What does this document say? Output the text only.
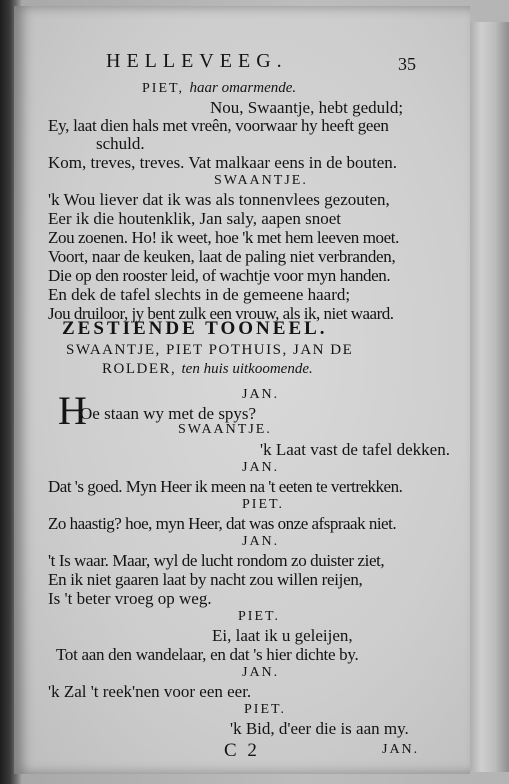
HELLEVEEG.	35
PIET, haar omarmende.
Nou, Swaantje, hebt geduld;
Ey, laat dien hals met vreên, voorwaar hy heeft geen
schuld.
Kom, treves, treves. Vat malkaar eens in de bouten.
SWAANTJE.
'k Wou liever dat ik was als tonnenvlees gezouten,
Eer ik die houtenklik, Jan saly, aapen snoet
Zou zoenen. Ho! ik weet, hoe 'k met hem leeven moet.
Voort, naar de keuken, laat de paling niet verbranden,
Die op den rooster leid, of wachtje voor myn handen.
En dek de tafel slechts in de gemeene haard;
Jou druiloor, jy bent zulk een vrouw, als ik, niet waard.
ZESTIENDE TOONEEL.
SWAANTJE, PIET POTHUIS, JAN DE
ROLDER, ten huis uitkoomende.
JAN.
H
Oe staan wy met de spys?
SWAANTJE.
'k Laat vast de tafel dekken.
JAN.
Dat 's goed. Myn Heer ik meen na 't eeten te vertrekken.
PIET.
Zo haastig? hoe, myn Heer, dat was onze afspraak niet.
JAN.
't Is waar. Maar, wyl de lucht rondom zo duister ziet,
En ik niet gaaren laat by nacht zou willen reijen,
Is 't beter vroeg op weg.
PIET.
Ei, laat ik u geleijen,
Tot aan den wandelaar, en dat 's hier dichte by.
JAN.
'k Zal 't reek'nen voor een eer.
PIET.
'k Bid, d'eer die is aan my.
C 2	JAN.
